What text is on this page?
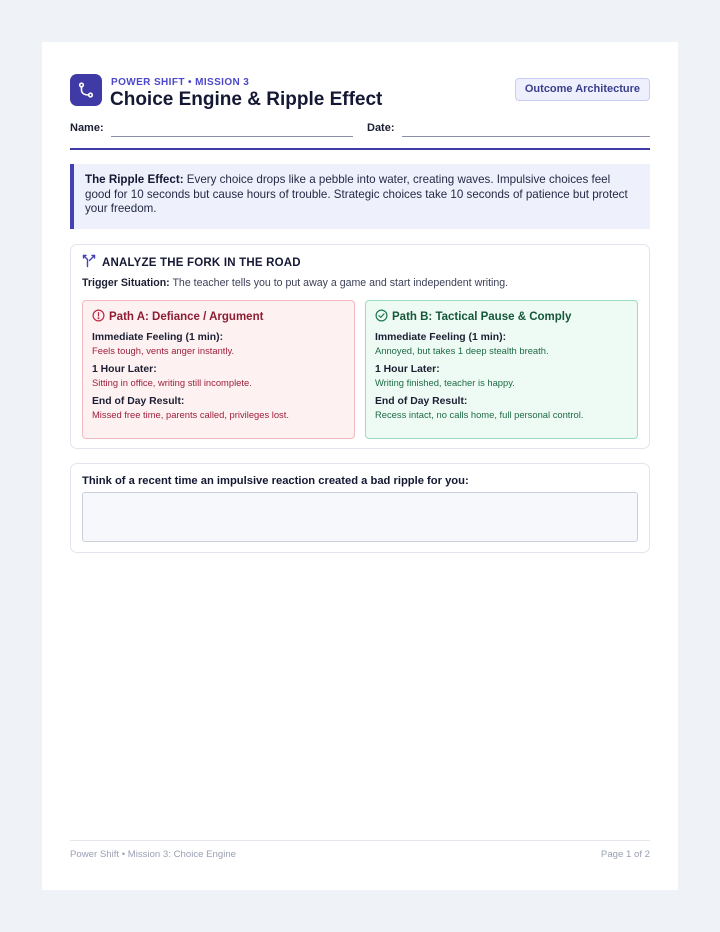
POWER SHIFT • MISSION 3
Choice Engine & Ripple Effect	Outcome Architecture
Name:	Date:
The Ripple Effect: Every choice drops like a pebble into water, creating waves. Impulsive choices feel good for 10 seconds but cause hours of trouble. Strategic choices take 10 seconds of patience but protect your freedom.
ANALYZE THE FORK IN THE ROAD
Trigger Situation: The teacher tells you to put away a game and start independent writing.
Path A: Defiance / Argument
Immediate Feeling (1 min):
Feels tough, vents anger instantly.
1 Hour Later:
Sitting in office, writing still incomplete.
End of Day Result:
Missed free time, parents called, privileges lost.
Path B: Tactical Pause & Comply
Immediate Feeling (1 min):
Annoyed, but takes 1 deep stealth breath.
1 Hour Later:
Writing finished, teacher is happy.
End of Day Result:
Recess intact, no calls home, full personal control.
Think of a recent time an impulsive reaction created a bad ripple for you:
Power Shift • Mission 3: Choice Engine	Page 1 of 2
